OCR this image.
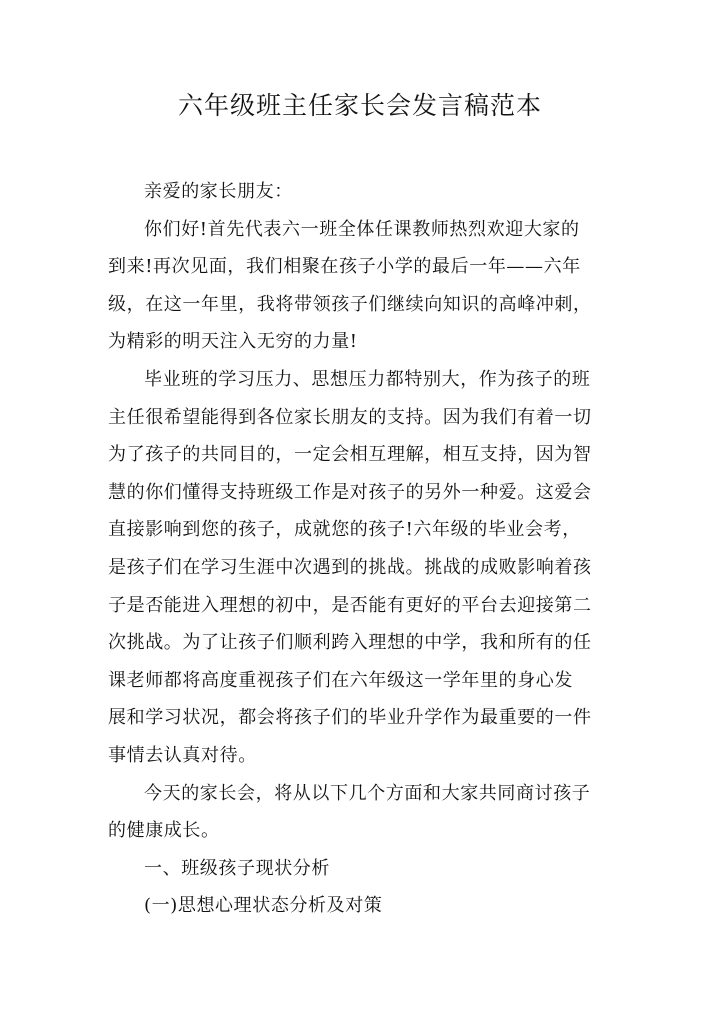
六年级班主任家长会发言稿范本
亲爱的家长朋友：
你们好!首先代表六一班全体任课教师热烈欢迎大家的
到来!再次见面，我们相聚在孩子小学的最后一年——六年
级，在这一年里，我将带领孩子们继续向知识的高峰冲刺，
为精彩的明天注入无穷的力量!
毕业班的学习压力、思想压力都特别大，作为孩子的班
主任很希望能得到各位家长朋友的支持。因为我们有着一切
为了孩子的共同目的，一定会相互理解，相互支持，因为智
慧的你们懂得支持班级工作是对孩子的另外一种爱。这爱会
直接影响到您的孩子，成就您的孩子!六年级的毕业会考，
是孩子们在学习生涯中次遇到的挑战。挑战的成败影响着孩
子是否能进入理想的初中，是否能有更好的平台去迎接第二
次挑战。为了让孩子们顺利跨入理想的中学，我和所有的任
课老师都将高度重视孩子们在六年级这一学年里的身心发
展和学习状况，都会将孩子们的毕业升学作为最重要的一件
事情去认真对待。
今天的家长会，将从以下几个方面和大家共同商讨孩子
的健康成长。
一、班级孩子现状分析
(一)思想心理状态分析及对策
